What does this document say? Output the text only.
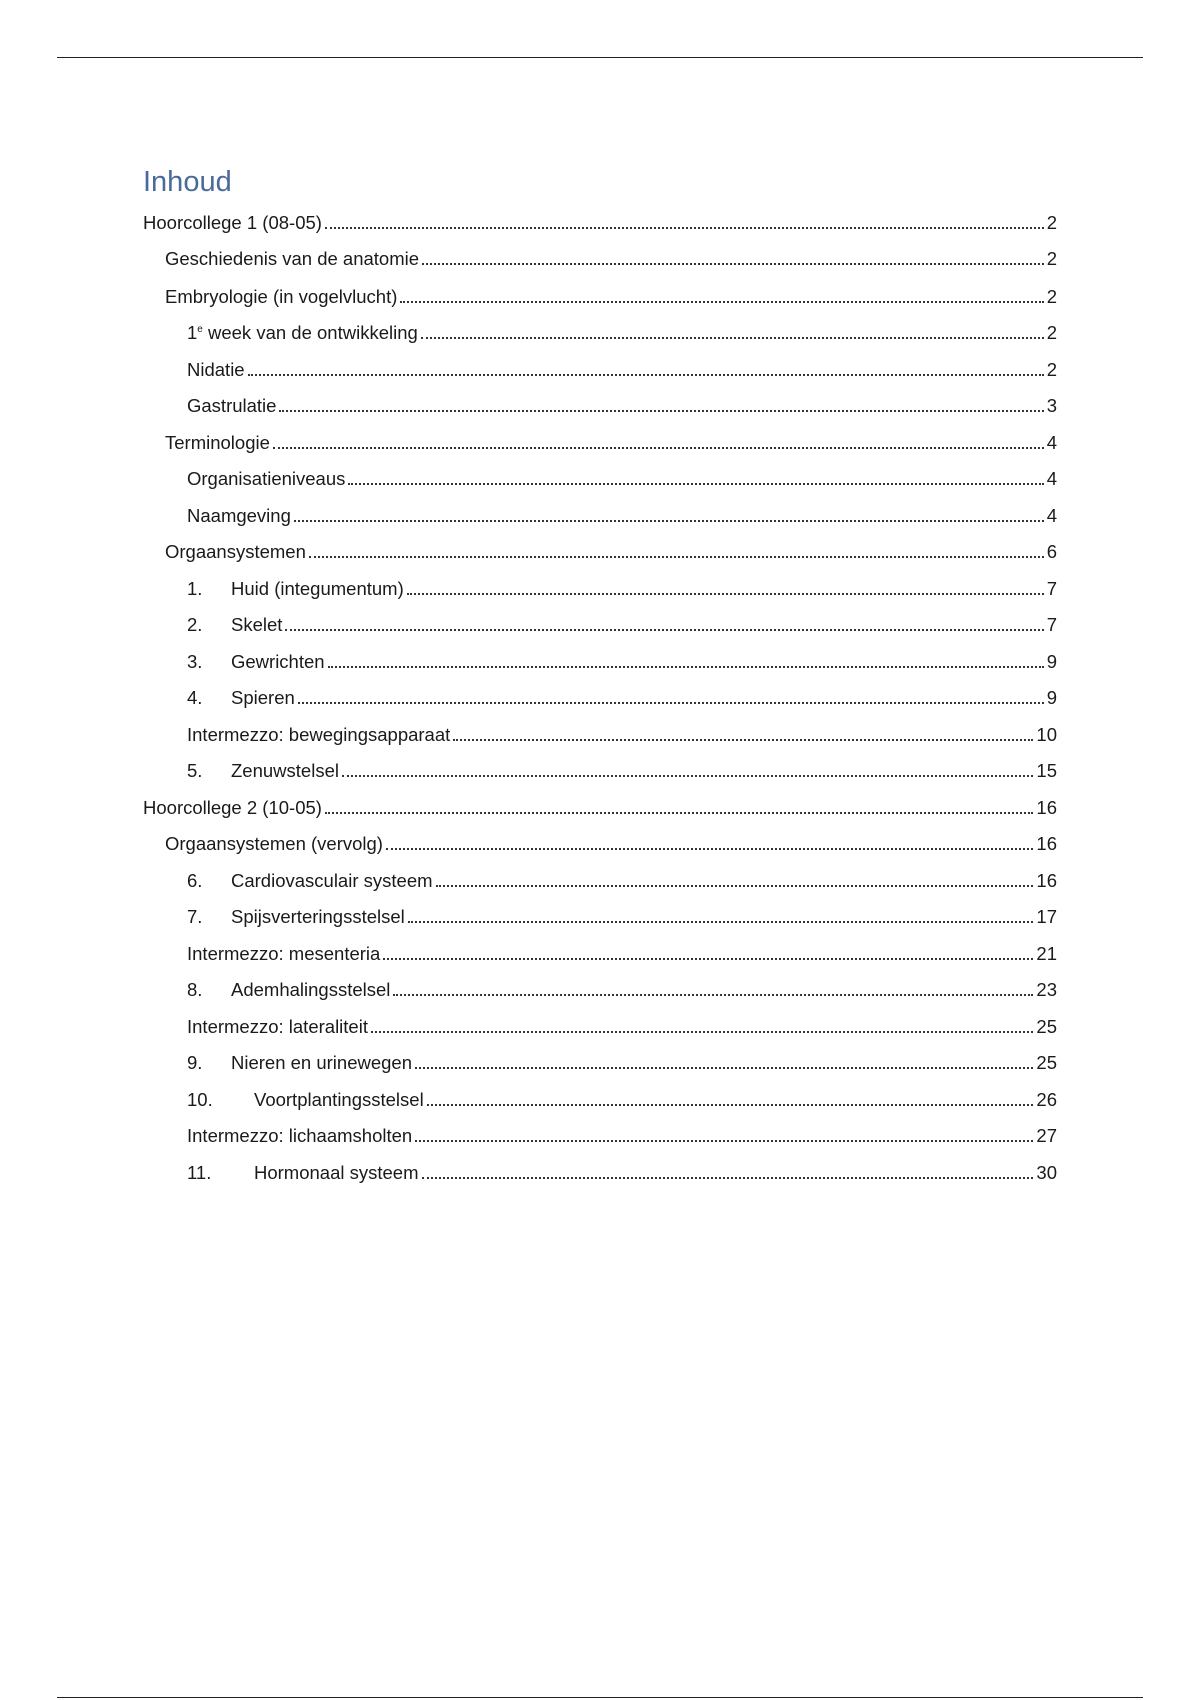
Inhoud
Hoorcollege 1 (08-05)	2
Geschiedenis van de anatomie	2
Embryologie (in vogelvlucht)	2
1e week van de ontwikkeling	2
Nidatie	2
Gastrulatie	3
Terminologie	4
Organisatieniveaus	4
Naamgeving	4
Orgaansystemen	6
1.	Huid (integumentum)	7
2.	Skelet	7
3.	Gewrichten	9
4.	Spieren	9
Intermezzo: bewegingsapparaat	10
5.	Zenuwstelsel	15
Hoorcollege 2 (10-05)	16
Orgaansystemen (vervolg)	16
6.	Cardiovasculair systeem	16
7.	Spijsverteringsstelsel	17
Intermezzo: mesenteria	21
8.	Ademhalingsstelsel	23
Intermezzo: lateraliteit	25
9.	Nieren en urinewegen	25
10.	Voortplantingsstelsel	26
Intermezzo: lichaamsholten	27
11.	Hormonaal systeem	30
